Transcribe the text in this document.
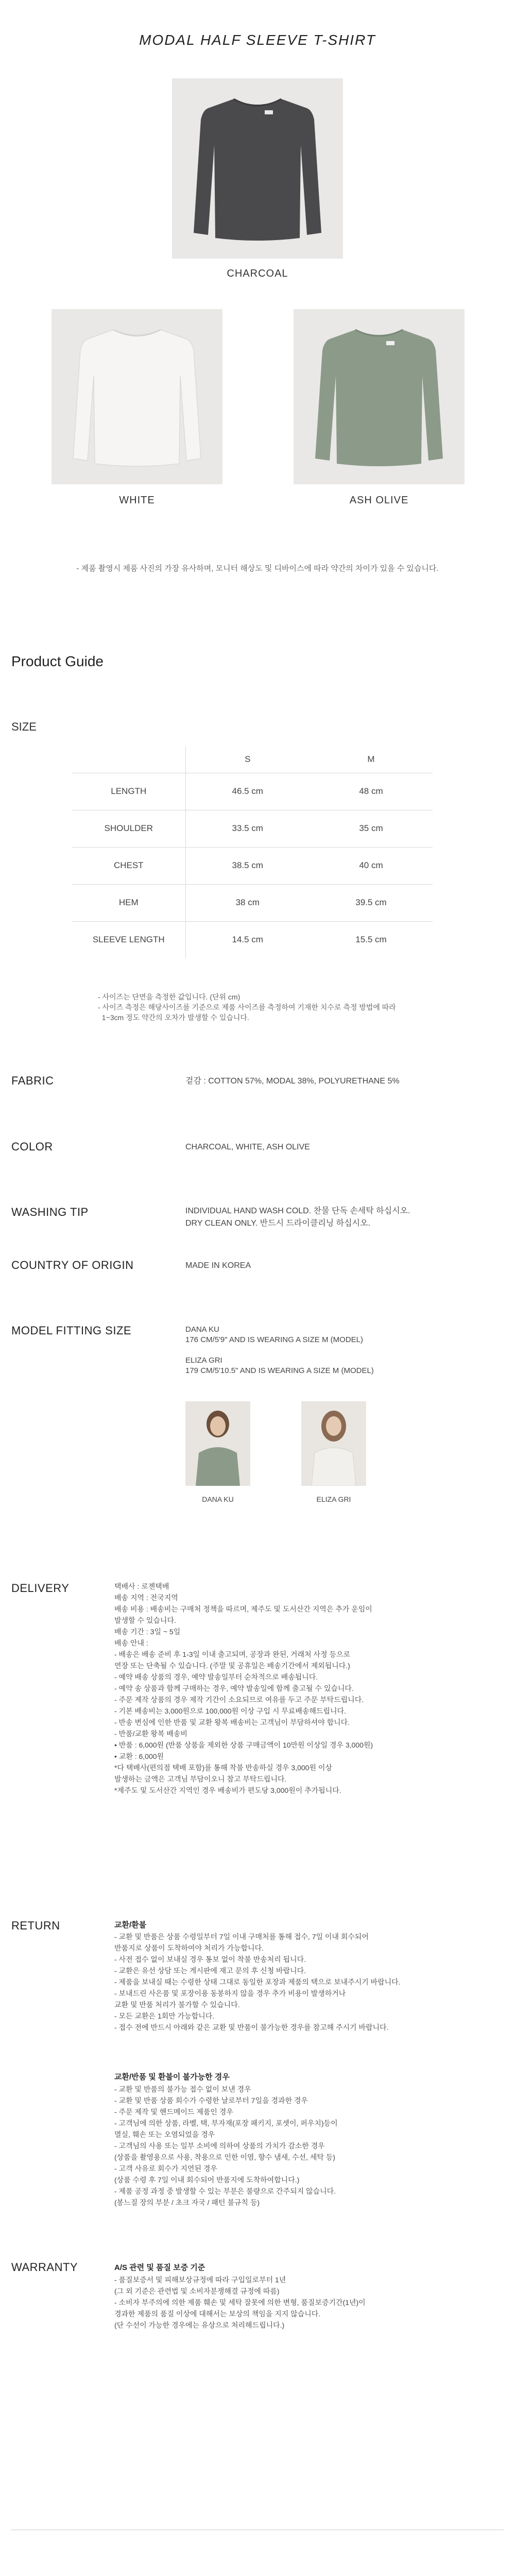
MODAL HALF SLEEVE T-SHIRT
CHARCOAL
WHITE	ASH OLIVE
- 제품 촬영시 제품 사진의 가장 유사하며, 모니터 해상도 및 디바이스에 따라 약간의 차이가 있을 수 있습니다.
Product Guide
SIZE
	S	M
LENGTH	46.5 cm	48 cm
SHOULDER	33.5 cm	35 cm
CHEST	38.5 cm	40 cm
HEM	38 cm	39.5 cm
SLEEVE LENGTH	14.5 cm	15.5 cm
- 사이즈는 단면을 측정한 값입니다. (단위 cm)
- 사이즈 측정은 해당사이즈를 기준으로 제품 사이즈를 측정하여 기재한 치수로 측정 방법에 따라
1~3cm 정도 약간의 오차가 발생할 수 있습니다.
FABRIC	겉감 : COTTON 57%, MODAL 38%, POLYURETHANE 5%
COLOR	CHARCOAL, WHITE, ASH OLIVE
WASHING TIP	INDIVIDUAL HAND WASH COLD. 찬물 단독 손세탁 하십시오.
DRY CLEAN ONLY. 반드시 드라이클리닝 하십시오.
COUNTRY OF ORIGIN	MADE IN KOREA
MODEL FITTING SIZE	DANA KU
176 CM/5'9" AND IS WEARING A SIZE M (MODEL)
ELIZA GRI
179 CM/5'10.5" AND IS WEARING A SIZE M (MODEL)
DANA KU	ELIZA GRI
DELIVERY	택배사 : 로젠택배
배송 지역 : 전국지역
배송 비용 : 배송비는 구매처 정책을 따르며, 제주도 및 도서산간 지역은 추가 운임이
발생할 수 있습니다.
배송 기간 : 3일 ~ 5일
배송 안내 :
- 배송은 배송 준비 후 1-3일 이내 출고되며, 공장과 완된, 거래처 사정 등으로
연장 또는 단축될 수 있습니다. (주말 및 공휴일은 배송기간에서 제외됩니다.)
- 예약 배송 상품의 경우, 예약 발송일부터 순차적으로 배송됩니다.
- 예약 송 상품과 함께 구매하는 경우, 예약 발송일에 함께 출고될 수 있습니다.
- 주문 제작 상품의 경우 제작 기간이 소요되므로 여유를 두고 주문 부탁드립니다.
- 기본 배송비는 3,000원으로 100,000원 이상 구입 시 무료배송해드립니다.
- 반송 변심에 인한 반품 및 교환 왕복 배송비는 고객님이 부담하셔야 합니다.
- 반품/교환 왕복 배송비
• 반품 : 6,000원 (반품 상품을 제외한 상품 구매금액이 10만원 이상일 경우 3,000원)
• 교환 : 6,000원
*다 택배사(편의점 택배 포함)를 통해 착불 반송하실 경우 3,000원 이상
발생하는 금액은 고객님 부담이오니 참고 부탁드립니다.
*제주도 및 도서산간 지역인 경우 배송비가 편도당 3,000원이 추가됩니다.
RETURN	교환/환불
- 교환 및 반품은 상품 수령일부터 7일 이내 구매처를 통해 접수, 7일 이내 회수되어
반품지로 상품이 도착하여야 처리가 가능합니다.
- 사전 접수 없이 보내실 경우 통보 없이 착불 반송처리 됩니다.
- 교환은 유선 상담 또는 게시판에 재고 문의 후 신청 바랍니다.
- 제품을 보내실 때는 수령한 상태 그대로 동일한 포장과 제품의 택으로 보내주시기 바랍니다.
- 보내드린 사은품 및 포장이용 동봉하지 않을 경우 추가 비용이 발생하거나
교환 및 반품 처리가 불가할 수 있습니다.
- 모든 교환은 1회만 가능합니다.
- 접수 전에 반드시 아래와 같은 교환 및 반품이 불가능한 경우를 참고해 주시기 바랍니다.
교환/반품 및 환불이 불가능한 경우
- 교환 및 반품의 불가능 접수 없이 보낸 경우
- 교환 및 반품 상품 회수가 수령한 날로부터 7일을 경과한 경우
- 주문 제작 및 핸드메이드 제품인 경우
- 고객님에 의한 상품, 라벨, 택, 부자재(포장 패키지, 포셋이, 퍼우치)등이
멸실, 훼손 또는 오염되었을 경우
- 고객님의 사용 또는 일부 소비에 의하여 상품의 가치가 감소한 경우
(상품을 촬영용으로 사용, 착용으로 인한 이염, 향수 냄새, 수선, 세탁 등)
- 고객 사유로 회수가 지연된 경우
(상품 수령 후 7일 이내 회수되어 반품지에 도착하여합니다.)
- 제품 공정 과정 중 발생할 수 있는 부분은 불량으로 간주되지 않습니다.
(봉느질 장의 부분 / 초크 자국 / 패턴 불규칙 등)
WARRANTY	A/S 관련 및 품질 보증 기준
- 품질보증서 및 피해보상규정에 따라 구입일로부터 1년
(그 외 기준은 관련법 및 소비자분쟁해결 규정에 따름)
- 소비자 부주의에 의한 제품 훼손 및 세탁 잘못에 의한 변형, 품질보증기간(1년)이
경과한 제품의 품질 이상에 대해서는 보상의 책임을 지지 않습니다.
(단 수선이 가능한 경우에는 유상으로 처리해드립니다.)
